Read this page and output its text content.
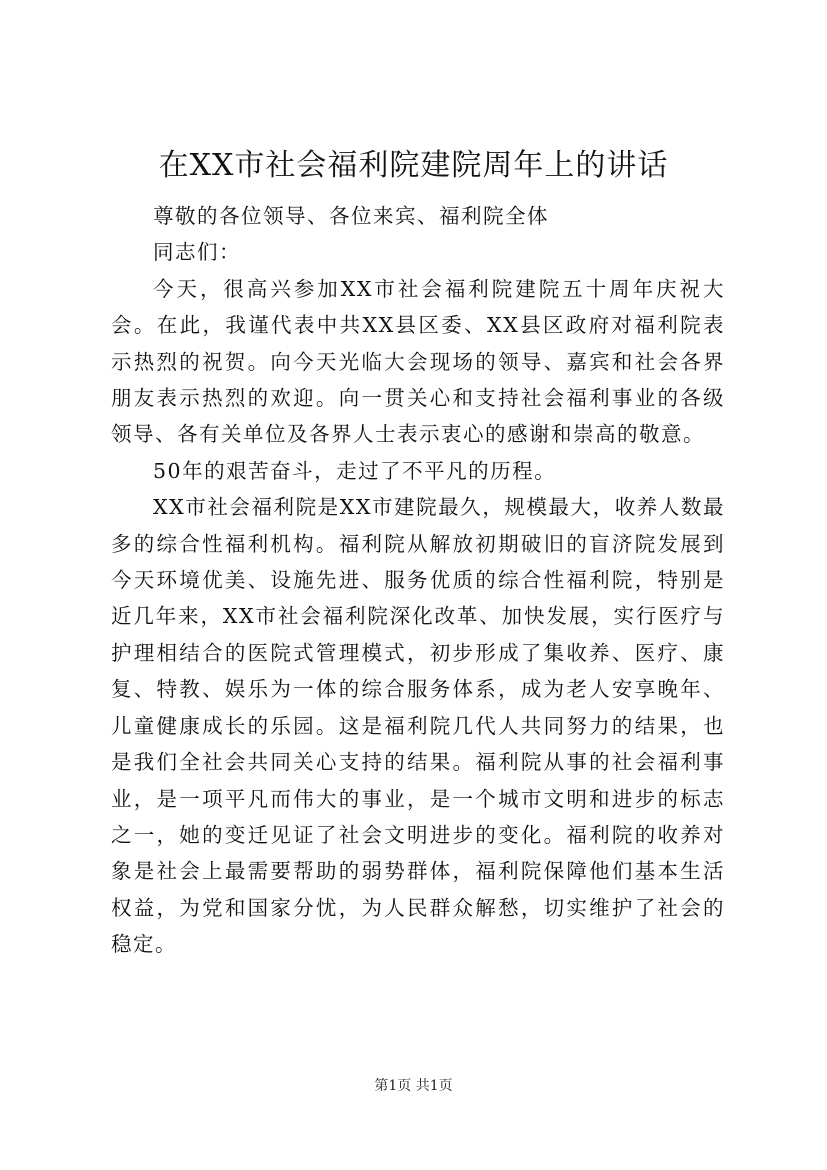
在XX市社会福利院建院周年上的讲话

尊敬的各位领导、各位来宾、福利院全体

同志们：

今天，很高兴参加XX市社会福利院建院五十周年庆祝大会。在此，我谨代表中共XX县区委、XX县区政府对福利院表示热烈的祝贺。向今天光临大会现场的领导、嘉宾和社会各界朋友表示热烈的欢迎。向一贯关心和支持社会福利事业的各级领导、各有关单位及各界人士表示衷心的感谢和崇高的敬意。

50年的艰苦奋斗，走过了不平凡的历程。

XX市社会福利院是XX市建院最久，规模最大，收养人数最多的综合性福利机构。福利院从解放初期破旧的盲济院发展到今天环境优美、设施先进、服务优质的综合性福利院，特别是近几年来，XX市社会福利院深化改革、加快发展，实行医疗与护理相结合的医院式管理模式，初步形成了集收养、医疗、康复、特教、娱乐为一体的综合服务体系，成为老人安享晚年、儿童健康成长的乐园。这是福利院几代人共同努力的结果，也是我们全社会共同关心支持的结果。福利院从事的社会福利事业，是一项平凡而伟大的事业，是一个城市文明和进步的标志之一，她的变迁见证了社会文明进步的变化。福利院的收养对象是社会上最需要帮助的弱势群体，福利院保障他们基本生活权益，为党和国家分忧，为人民群众解愁，切实维护了社会的稳定。

第1页 共1页
